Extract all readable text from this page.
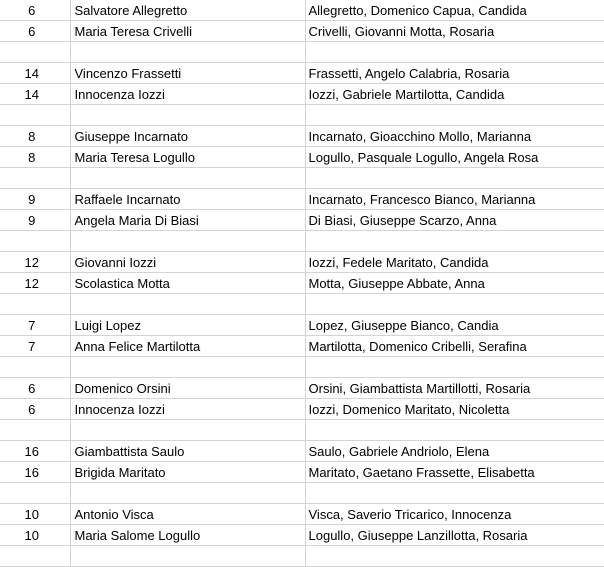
6	Salvatore Allegretto	Allegretto, Domenico Capua, Candida
6	Maria Teresa Crivelli	Crivelli, Giovanni Motta, Rosaria

14	Vincenzo Frassetti	Frassetti, Angelo Calabria, Rosaria
14	Innocenza Iozzi	Iozzi, Gabriele Martilotta, Candida

8	Giuseppe Incarnato	Incarnato, Gioacchino Mollo, Marianna
8	Maria Teresa Logullo	Logullo, Pasquale Logullo, Angela Rosa

9	Raffaele Incarnato	Incarnato, Francesco Bianco, Marianna
9	Angela Maria Di Biasi	Di Biasi, Giuseppe Scarzo, Anna

12	Giovanni Iozzi	Iozzi, Fedele Maritato, Candida
12	Scolastica Motta	Motta, Giuseppe Abbate, Anna

7	Luigi Lopez	Lopez, Giuseppe Bianco, Candia
7	Anna Felice Martilotta	Martilotta, Domenico Cribelli, Serafina

6	Domenico Orsini	Orsini, Giambattista Martillotti, Rosaria
6	Innocenza Iozzi	Iozzi, Domenico Maritato, Nicoletta

16	Giambattista Saulo	Saulo, Gabriele Andriolo, Elena
16	Brigida Maritato	Maritato, Gaetano Frassette, Elisabetta

10	Antonio Visca	Visca, Saverio Tricarico, Innocenza
10	Maria Salome Logullo	Logullo, Giuseppe Lanzillotta, Rosaria
